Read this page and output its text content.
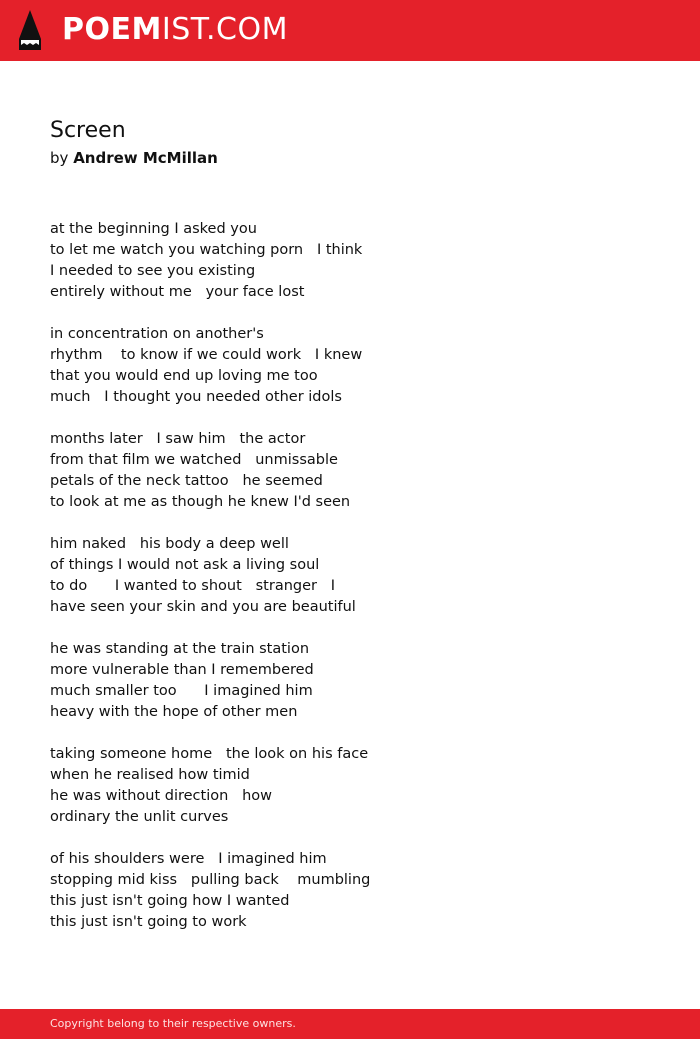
POEMIST.COM
Screen
by Andrew McMillan
at the beginning I asked you
to let me watch you watching porn   I think
I needed to see you existing
entirely without me   your face lost
in concentration on another's
rhythm    to know if we could work   I knew
that you would end up loving me too
much   I thought you needed other idols
months later   I saw him   the actor
from that film we watched   unmissable
petals of the neck tattoo   he seemed
to look at me as though he knew I'd seen
him naked   his body a deep well
of things I would not ask a living soul
to do      I wanted to shout   stranger   I
have seen your skin and you are beautiful
he was standing at the train station
more vulnerable than I remembered
much smaller too      I imagined him
heavy with the hope of other men
taking someone home   the look on his face
when he realised how timid
he was without direction   how
ordinary the unlit curves
of his shoulders were   I imagined him
stopping mid kiss   pulling back    mumbling
this just isn't going how I wanted
this just isn't going to work
Copyright belong to their respective owners.
